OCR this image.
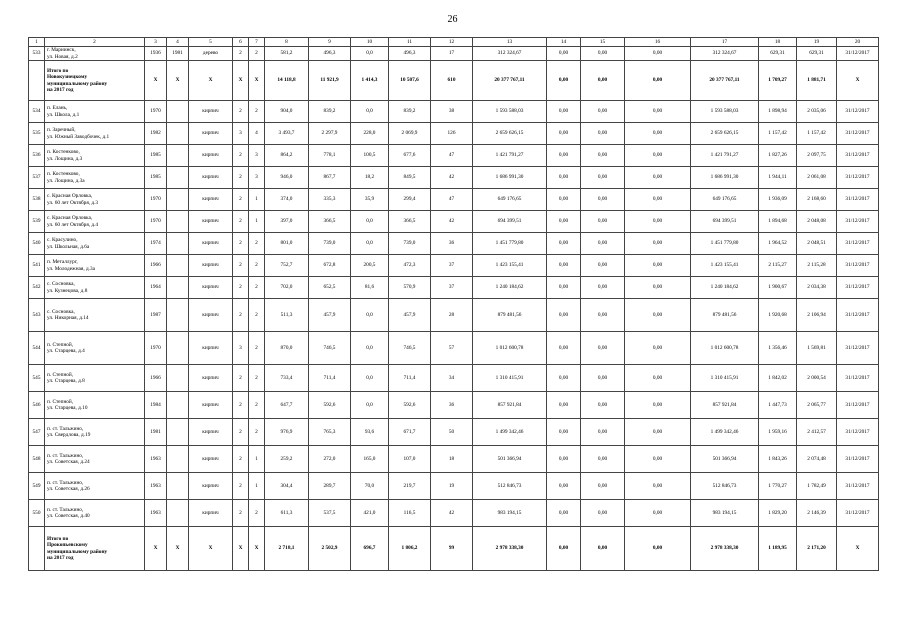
26
1	2	3	4	5	6	7	8	9	10	11	12	13	14	15	16	17	18	19	20
533	г. Мариинск,
ул. Новая, д.2	1936	1981	дерево	2	2	581,2	496,3	0,0	496,3	17	312 324,67	0,00	0,00	0,00	312 324,67	629,31	629,31	31/12/2017
	Итого по
Новокузнецкому
муниципальному району
на 2017 год	Х	Х	Х	Х	Х	14 118,8	11 921,9	1 414,3	10 507,6	610	20 377 767,11	0,00	0,00	0,00	20 377 767,11	1 709,27	1 881,71	Х
534	п. Елань,
ул. Школа, д.1	1970		кирпич	2	2	904,0	839,2	0,0	839,2	38	1 593 588,03	0,00	0,00	0,00	1 593 588,03	1 898,94	2 035,06	31/12/2017
535	п. Заречный,
ул. Южный Заводбочек, д.1	1982		кирпич	3	4	3 493,7	2 297,9	228,0	2 069,9	126	2 659 626,15	0,00	0,00	0,00	2 659 626,15	1 157,42	1 157,42	31/12/2017
536	п. Костенково,
ул. Лощина, д.3	1985		кирпич	2	3	864,2	778,1	100,5	677,6	47	1 421 791,27	0,00	0,00	0,00	1 421 791,27	1 827,26	2 097,75	31/12/2017
537	п. Костенково,
ул. Лощина, д.3а	1985		кирпич	2	3	946,0	867,7	18,2	849,5	42	1 686 991,30	0,00	0,00	0,00	1 686 991,30	1 944,11	2 061,08	31/12/2017
538	с. Красная Орловка,
ул. 60 лет Октября, д.3	1970		кирпич	2	1	374,0	335,3	35,9	299,4	47	649 176,65	0,00	0,00	0,00	649 176,65	1 936,09	2 168,60	31/12/2017
539	с. Красная Орловка,
ул. 60 лет Октября, д.4	1970		кирпич	2	1	397,0	366,5	0,0	366,5	42	694 399,51	0,00	0,00	0,00	694 399,51	1 894,68	2 048,08	31/12/2017
540	с. Красулино,
ул. Школьная, д.6а	1974		кирпич	2	2	801,0	739,0	0,0	739,0	36	1 451 779,80	0,00	0,00	0,00	1 451 779,80	1 964,52	2 048,51	31/12/2017
541	п. Металлург,
ул. Молодежная, д.3а	1966		кирпич	2	2	752,7	672,8	200,5	472,3	37	1 423 155,41	0,00	0,00	0,00	1 423 155,41	2 115,27	2 115,28	31/12/2017
542	с. Сосновка,
ул. Кузнецова, д.8	1964		кирпич	2	2	702,0	652,5	81,6	570,9	37	1 240 184,62	0,00	0,00	0,00	1 240 184,62	1 900,67	2 034,38	31/12/2017
543	с. Сосновка,
ул. Никорная, д.14	1987		кирпич	2	2	511,3	457,9	0,0	457,9	28	879 481,56	0,00	0,00	0,00	879 481,56	1 920,68	2 106,94	31/12/2017
544	п. Степной,
ул. Старцева, д.4	1970		кирпич	3	2	870,0	746,5	0,0	746,5	57	1 012 600,78	0,00	0,00	0,00	1 012 600,78	1 356,46	1 569,81	31/12/2017
545	п. Степной,
ул. Старцева, д.8	1966		кирпич	2	2	733,4	711,4	0,0	711,4	34	1 310 415,91	0,00	0,00	0,00	1 310 415,91	1 842,02	2 000,54	31/12/2017
546	п. Степной,
ул. Старцева, д.10	1984		кирпич	2	2	647,7	592,6	0,0	592,6	36	857 921,84	0,00	0,00	0,00	857 921,84	1 447,73	2 065,77	31/12/2017
547	п. ст. Тальжино,
ул. Свердлова, д.19	1981		кирпич	2	2	976,9	765,3	93,6	671,7	50	1 499 342,46	0,00	0,00	0,00	1 499 342,46	1 959,16	2 412,57	31/12/2017
548	п. ст. Тальжино,
ул. Советская, д.24	1963		кирпич	2	1	259,2	272,0	165,0	107,0	18	501 366,94	0,00	0,00	0,00	501 366,94	1 843,26	2 074,48	31/12/2017
549	п. ст. Тальжино,
ул. Советская, д.26	1963		кирпич	2	1	304,4	289,7	70,0	219,7	19	512 846,73	0,00	0,00	0,00	512 846,73	1 770,27	1 782,49	31/12/2017
550	п. ст. Тальжино,
ул. Советская, д.40	1963		кирпич	2	2	611,3	537,5	421,0	116,5	42	983 194,15	0,00	0,00	0,00	983 194,15	1 829,20	2 146,39	31/12/2017
	Итого по
Прокопьевскому
муниципальному району
на 2017 год	Х	Х	Х	Х	Х	2 718,1	2 502,9	696,7	1 806,2	99	2 978 338,30	0,00	0,00	0,00	2 978 338,30	1 189,95	2 171,20	Х
